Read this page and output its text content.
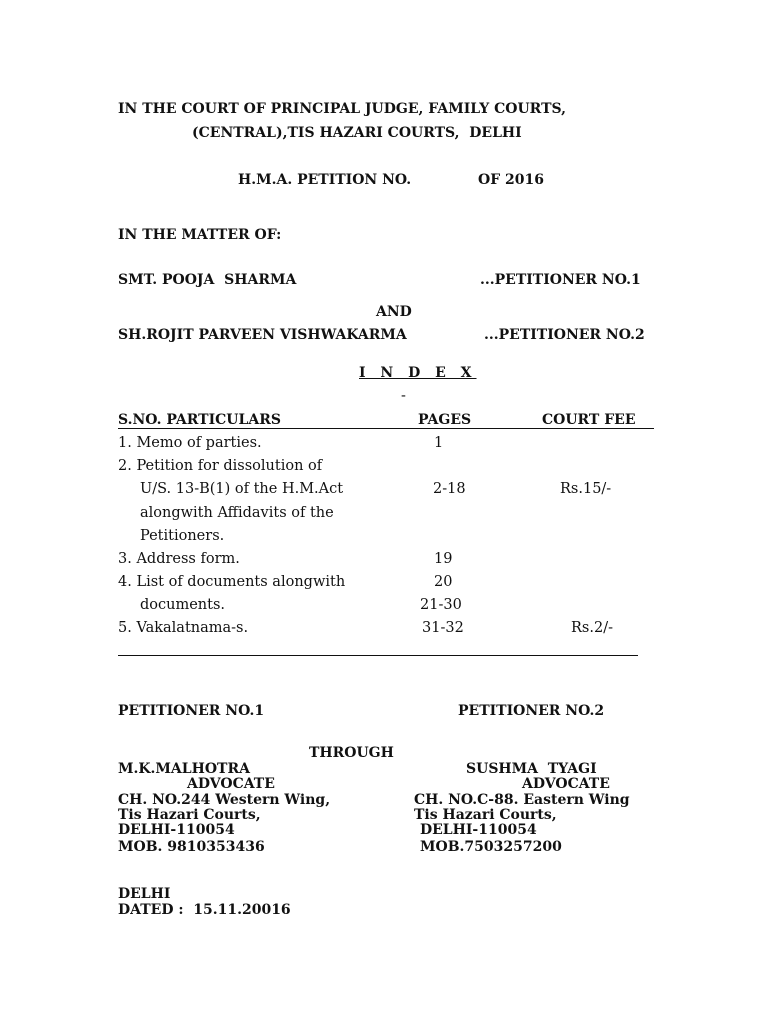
IN THE COURT OF PRINCIPAL JUDGE, FAMILY COURTS,
(CENTRAL),TIS HAZARI COURTS,  DELHI
H.M.A. PETITION NO.	OF 2016
IN THE MATTER OF:
SMT. POOJA  SHARMA	...PETITIONER NO.1
AND
SH.ROJIT PARVEEN VISHWAKARMA	...PETITIONER NO.2
I N D E X
-
S.NO. PARTICULARS	PAGES	COURT FEE
1. Memo of parties.	1
2. Petition for dissolution of
U/S. 13-B(1) of the H.M.Act	2-18	Rs.15/-
alongwith Affidavits of the
Petitioners.
3. Address form.	19
4. List of documents alongwith	20
documents.	21-30
5. Vakalatnama-s.	31-32	Rs.2/-
PETITIONER NO.1	PETITIONER NO.2
THROUGH
M.K.MALHOTRA	SUSHMA  TYAGI
ADVOCATE	ADVOCATE
CH. NO.244 Western Wing,	CH. NO.C-88. Eastern Wing
Tis Hazari Courts,	Tis Hazari Courts,
DELHI-110054	DELHI-110054
MOB. 9810353436	MOB.7503257200
DELHI
DATED :  15.11.20016
